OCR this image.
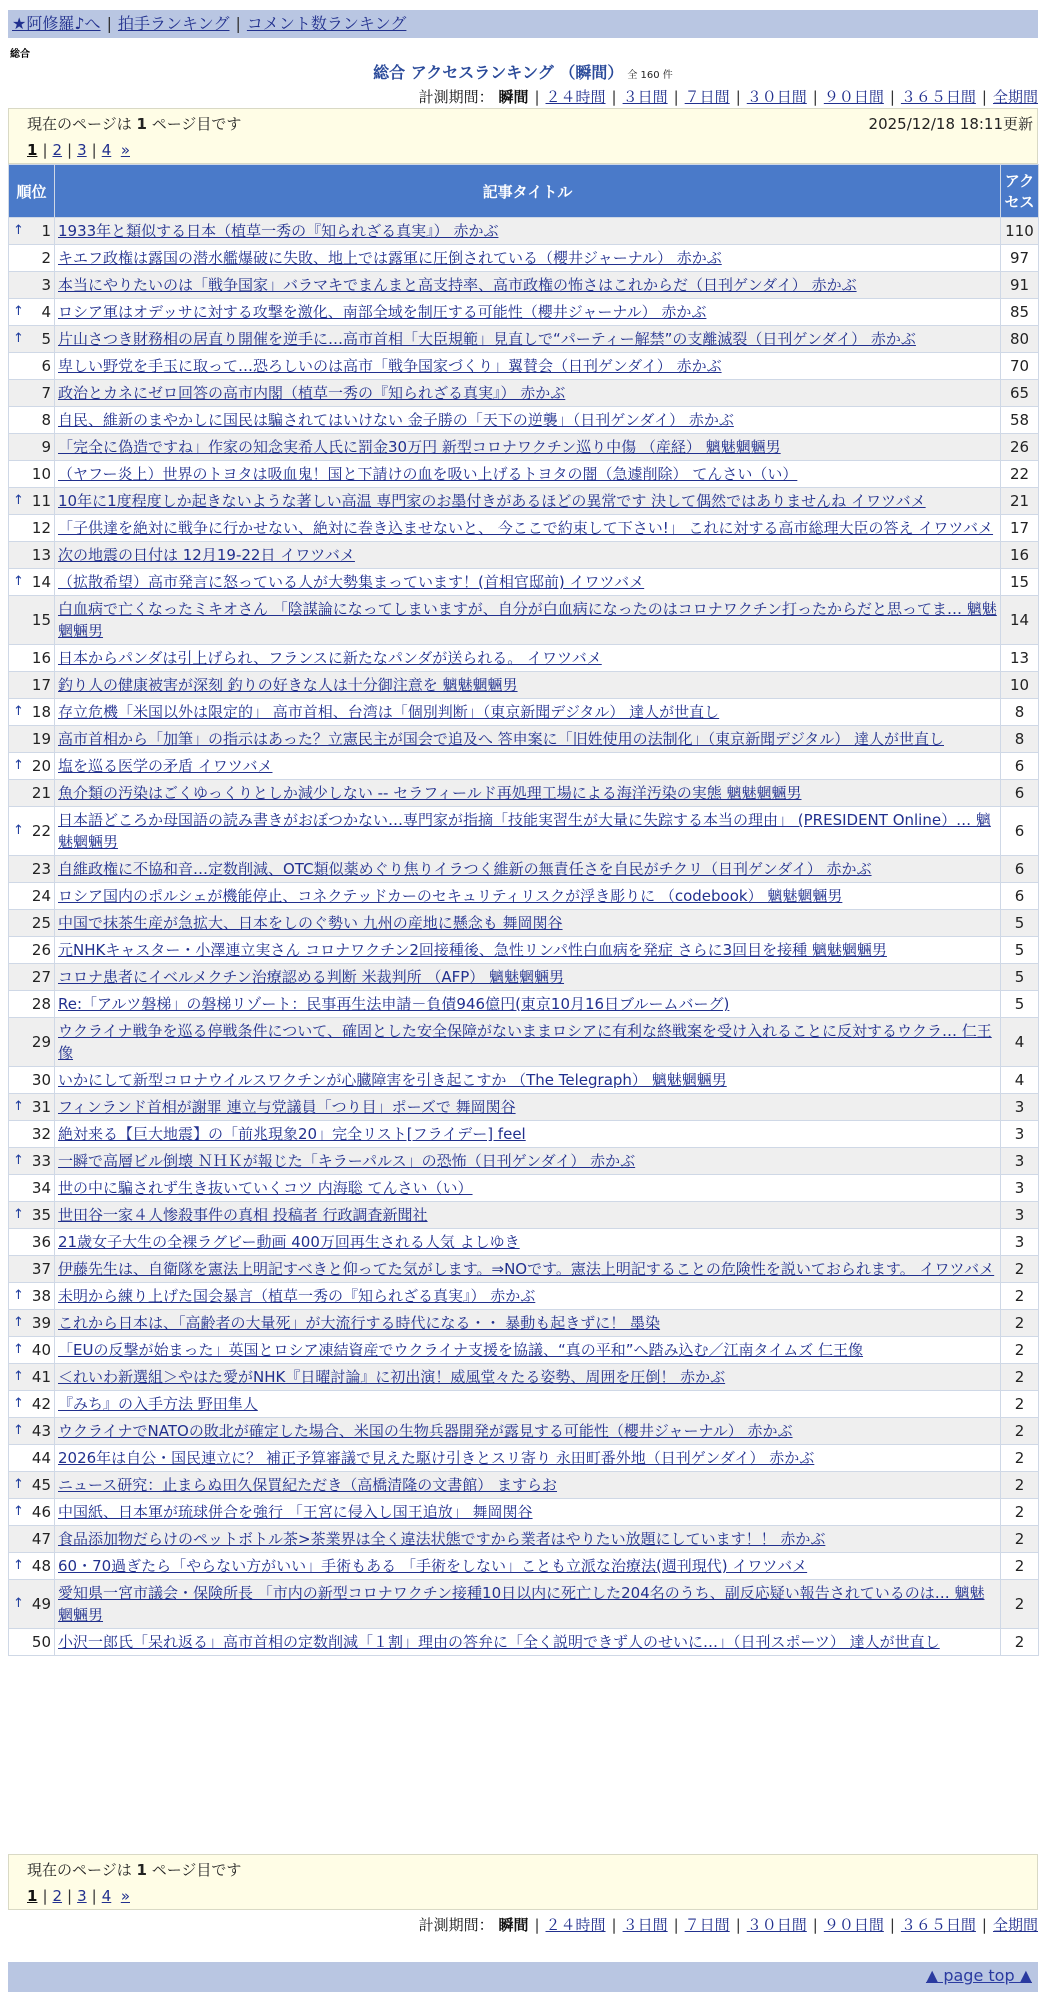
★阿修羅♪へ | 拍手ランキング | コメント数ランキング
総合
総合 アクセスランキング （瞬間） 全 160 件
計測期間： 瞬間 | ２４時間 | ３日間 | ７日間 | ３０日間 | ９０日間 | ３６５日間 | 全期間
現在のページは 1 ページ目です	2025/12/18 18:11更新
1 | 2 | 3 | 4 »
順位	記事タイトル	アクセス

↑ 1	1933年と類似する日本（植草一秀の『知られざる真実』） 赤かぶ	110
2	キエフ政権は露国の潜水艦爆破に失敗、地上では露軍に圧倒されている（櫻井ジャーナル） 赤かぶ	97
3	本当にやりたいのは「戦争国家」バラマキでまんまと高支持率、高市政権の怖さはこれからだ（日刊ゲンダイ） 赤かぶ	91

↑ 4	ロシア軍はオデッサに対する攻撃を激化、南部全域を制圧する可能性（櫻井ジャーナル） 赤かぶ	85

↑ 5	片山さつき財務相の居直り開催を逆手に…高市首相「大臣規範」見直しで“パーティー解禁”の支離滅裂（日刊ゲンダイ） 赤かぶ	80
6	卑しい野党を手玉に取って…恐ろしいのは高市「戦争国家づくり」翼賛会（日刊ゲンダイ） 赤かぶ	70
7	政治とカネにゼロ回答の高市内閣（植草一秀の『知られざる真実』） 赤かぶ	65
8	自民、維新のまやかしに国民は騙されてはいけない 金子勝の「天下の逆襲」（日刊ゲンダイ） 赤かぶ	58
9	「完全に偽造ですね」作家の知念実希人氏に罰金30万円 新型コロナワクチン巡り中傷 （産経） 魑魅魍魎男	26
10	（ヤフー炎上）世界のトヨタは吸血鬼！国と下請けの血を吸い上げるトヨタの闇（急遽削除） てんさい（い）	22

↑ 11	10年に1度程度しか起きないような著しい高温 専門家のお墨付きがあるほどの異常です 決して偶然ではありませんね イワツバメ	21
12	「子供達を絶対に戦争に行かせない、絶対に巻き込ませないと、 今ここで約束して下さい!」 これに対する高市総理大臣の答え イワツバメ	17
13	次の地震の日付は 12月19-22日 イワツバメ	16

↑ 14	（拡散希望）高市発言に怒っている人が大勢集まっています！(首相官邸前) イワツバメ	15
15	白血病で亡くなったミキオさん 「陰謀論になってしまいますが、自分が白血病になったのはコロナワクチン打ったからだと思ってま… 魑魅魍魎男	14
16	日本からパンダは引上げられ、フランスに新たなパンダが送られる。 イワツバメ	13
17	釣り人の健康被害が深刻 釣りの好きな人は十分御注意を 魑魅魍魎男	10

↑ 18	存立危機「米国以外は限定的」 高市首相、台湾は「個別判断」（東京新聞デジタル） 達人が世直し	8
19	高市首相から「加筆」の指示はあった？立憲民主が国会で追及へ 答申案に「旧姓使用の法制化」（東京新聞デジタル） 達人が世直し	8

↑ 20	塩を巡る医学の矛盾 イワツバメ	6
21	魚介類の汚染はごくゆっくりとしか減少しない -- セラフィールド再処理工場による海洋汚染の実態 魑魅魍魎男	6

↑ 22	日本語どころか母国語の読み書きがおぼつかない…専門家が指摘「技能実習生が大量に失踪する本当の理由」 (PRESIDENT Online）… 魑魅魍魎男	6
23	自維政権に不協和音…定数削減、OTC類似薬めぐり焦りイラつく維新の無責任さを自民がチクリ（日刊ゲンダイ） 赤かぶ	6
24	ロシア国内のポルシェが機能停止、コネクテッドカーのセキュリティリスクが浮き彫りに （codebook） 魑魅魍魎男	6
25	中国で抹茶生産が急拡大、日本をしのぐ勢い 九州の産地に懸念も 舞岡関谷	5
26	元NHKキャスター・小澤連立実さん コロナワクチン2回接種後、急性リンパ性白血病を発症 さらに3回目を接種 魑魅魍魎男	5
27	コロナ患者にイベルメクチン治療認める判断 米裁判所 （AFP） 魑魅魍魎男	5
28	Re:「アルツ磐梯」の磐梯リゾート：民事再生法申請－負債946億円(東京10月16日ブルームバーグ)	5
29	ウクライナ戦争を巡る停戦条件について、確固とした安全保障がないままロシアに有利な終戦案を受け入れることに反対するウクラ… 仁王像	4
30	いかにして新型コロナウイルスワクチンが心臓障害を引き起こすか （The Telegraph） 魑魅魍魎男	4

↑ 31	フィンランド首相が謝罪 連立与党議員「つり目」ポーズで 舞岡関谷	3
32	絶対来る【巨大地震】の「前兆現象20」完全リスト[フライデー] feel	3

↑ 33	一瞬で高層ビル倒壊 ＮＨＫが報じた「キラーパルス」の恐怖（日刊ゲンダイ） 赤かぶ	3
34	世の中に騙されず生き抜いていくコツ 内海聡 てんさい（い）	3

↑ 35	世田谷一家４人惨殺事件の真相 投稿者 行政調査新聞社	3
36	21歳女子大生の全裸ラグビー動画 400万回再生される人気 よしゆき	3
37	伊藤先生は、自衛隊を憲法上明記すべきと仰ってた気がします。⇒NOです。憲法上明記することの危険性を説いておられます。 イワツバメ	2

↑ 38	未明から練り上げた国会暴言（植草一秀の『知られざる真実』） 赤かぶ	2

↑ 39	これから日本は、「高齢者の大量死」が大流行する時代になる・・ 暴動も起きずに！ 墨染	2

↑ 40	「EUの反撃が始まった」英国とロシア凍結資産でウクライナ支援を協議、“真の平和”へ踏み込む／江南タイムズ 仁王像	2

↑ 41	＜れいわ新選組＞やはた愛がNHK『日曜討論』に初出演！威風堂々たる姿勢、周囲を圧倒！ 赤かぶ	2

↑ 42	『みち』の入手方法 野田隼人	2

↑ 43	ウクライナでNATOの敗北が確定した場合、米国の生物兵器開発が露見する可能性（櫻井ジャーナル） 赤かぶ	2
44	2026年は自公・国民連立に？ 補正予算審議で見えた駆け引きとスリ寄り 永田町番外地（日刊ゲンダイ） 赤かぶ	2

↑ 45	ニュース研究：止まらぬ田久保買紀ただき（高橋清隆の文書館） ますらお	2

↑ 46	中国紙、日本軍が琉球併合を強行 「王宮に侵入し国王追放」 舞岡関谷	2
47	食品添加物だらけのペットボトル茶>茶業界は全く違法状態ですから業者はやりたい放題にしています！！ 赤かぶ	2

↑ 48	60・70過ぎたら「やらない方がいい」手術もある 「手術をしない」ことも立派な治療法(週刊現代) イワツバメ	2

↑ 49	愛知県一宮市議会・保険所長 「市内の新型コロナワクチン接種10日以内に死亡した204名のうち、副反応疑い報告されているのは… 魑魅魍魎男	2
50	小沢一郎氏「呆れ返る」高市首相の定数削減「１割」理由の答弁に「全く説明できず人のせいに…」（日刊スポーツ） 達人が世直し	2
現在のページは 1 ページ目です
1 | 2 | 3 | 4 »
計測期間： 瞬間 | ２４時間 | ３日間 | ７日間 | ３０日間 | ９０日間 | ３６５日間 | 全期間
▲ page top ▲
